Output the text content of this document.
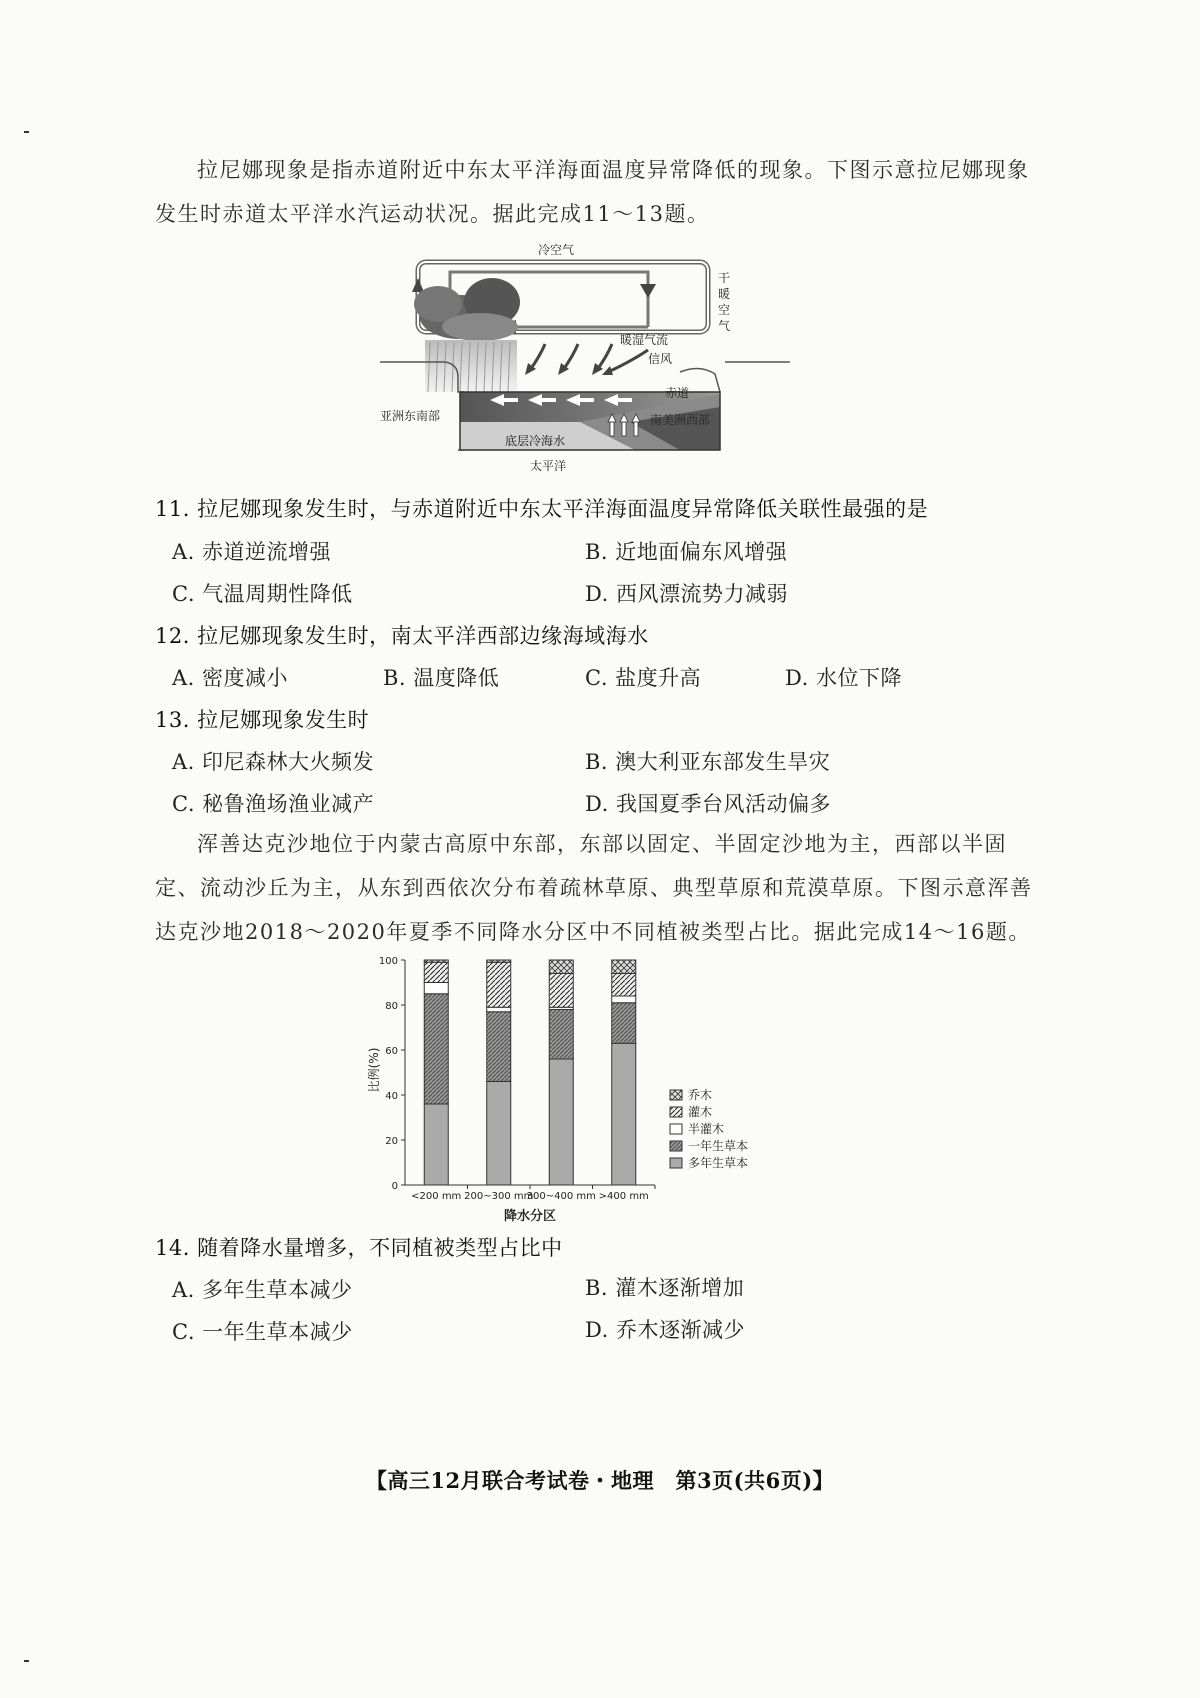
拉尼娜现象是指赤道附近中东太平洋海面温度异常降低的现象。下图示意拉尼娜现象发生时赤道太平洋水汽运动状况。据此完成11～13题。
冷空气
干
暖
空
气
暖湿气流
信风
赤道
亚洲东南部	南美洲西部
底层冷海水
太平洋
11. 拉尼娜现象发生时，与赤道附近中东太平洋海面温度异常降低关联性最强的是
A. 赤道逆流增强	B. 近地面偏东风增强
C. 气温周期性降低	D. 西风漂流势力减弱
12. 拉尼娜现象发生时，南太平洋西部边缘海域海水
A. 密度减小	B. 温度降低	C. 盐度升高	D. 水位下降
13. 拉尼娜现象发生时
A. 印尼森林大火频发	B. 澳大利亚东部发生旱灾
C. 秘鲁渔场渔业减产	D. 我国夏季台风活动偏多
浑善达克沙地位于内蒙古高原中东部，东部以固定、半固定沙地为主，西部以半固定、流动沙丘为主，从东到西依次分布着疏林草原、典型草原和荒漠草原。下图示意浑善达克沙地2018～2020年夏季不同降水分区中不同植被类型占比。据此完成14～16题。
0
20
40
60
80
100
<200 mm 200~300 mm
300~400 mm >400 mm
乔木
灌木
半灌木
一年生草本
多年生草本
比例(%)
降水分区
14. 随着降水量增多，不同植被类型占比中
A. 多年生草本减少	B. 灌木逐渐增加
C. 一年生草本减少	D. 乔木逐渐减少
【高三12月联合考试卷・地理　第3页(共6页)】
